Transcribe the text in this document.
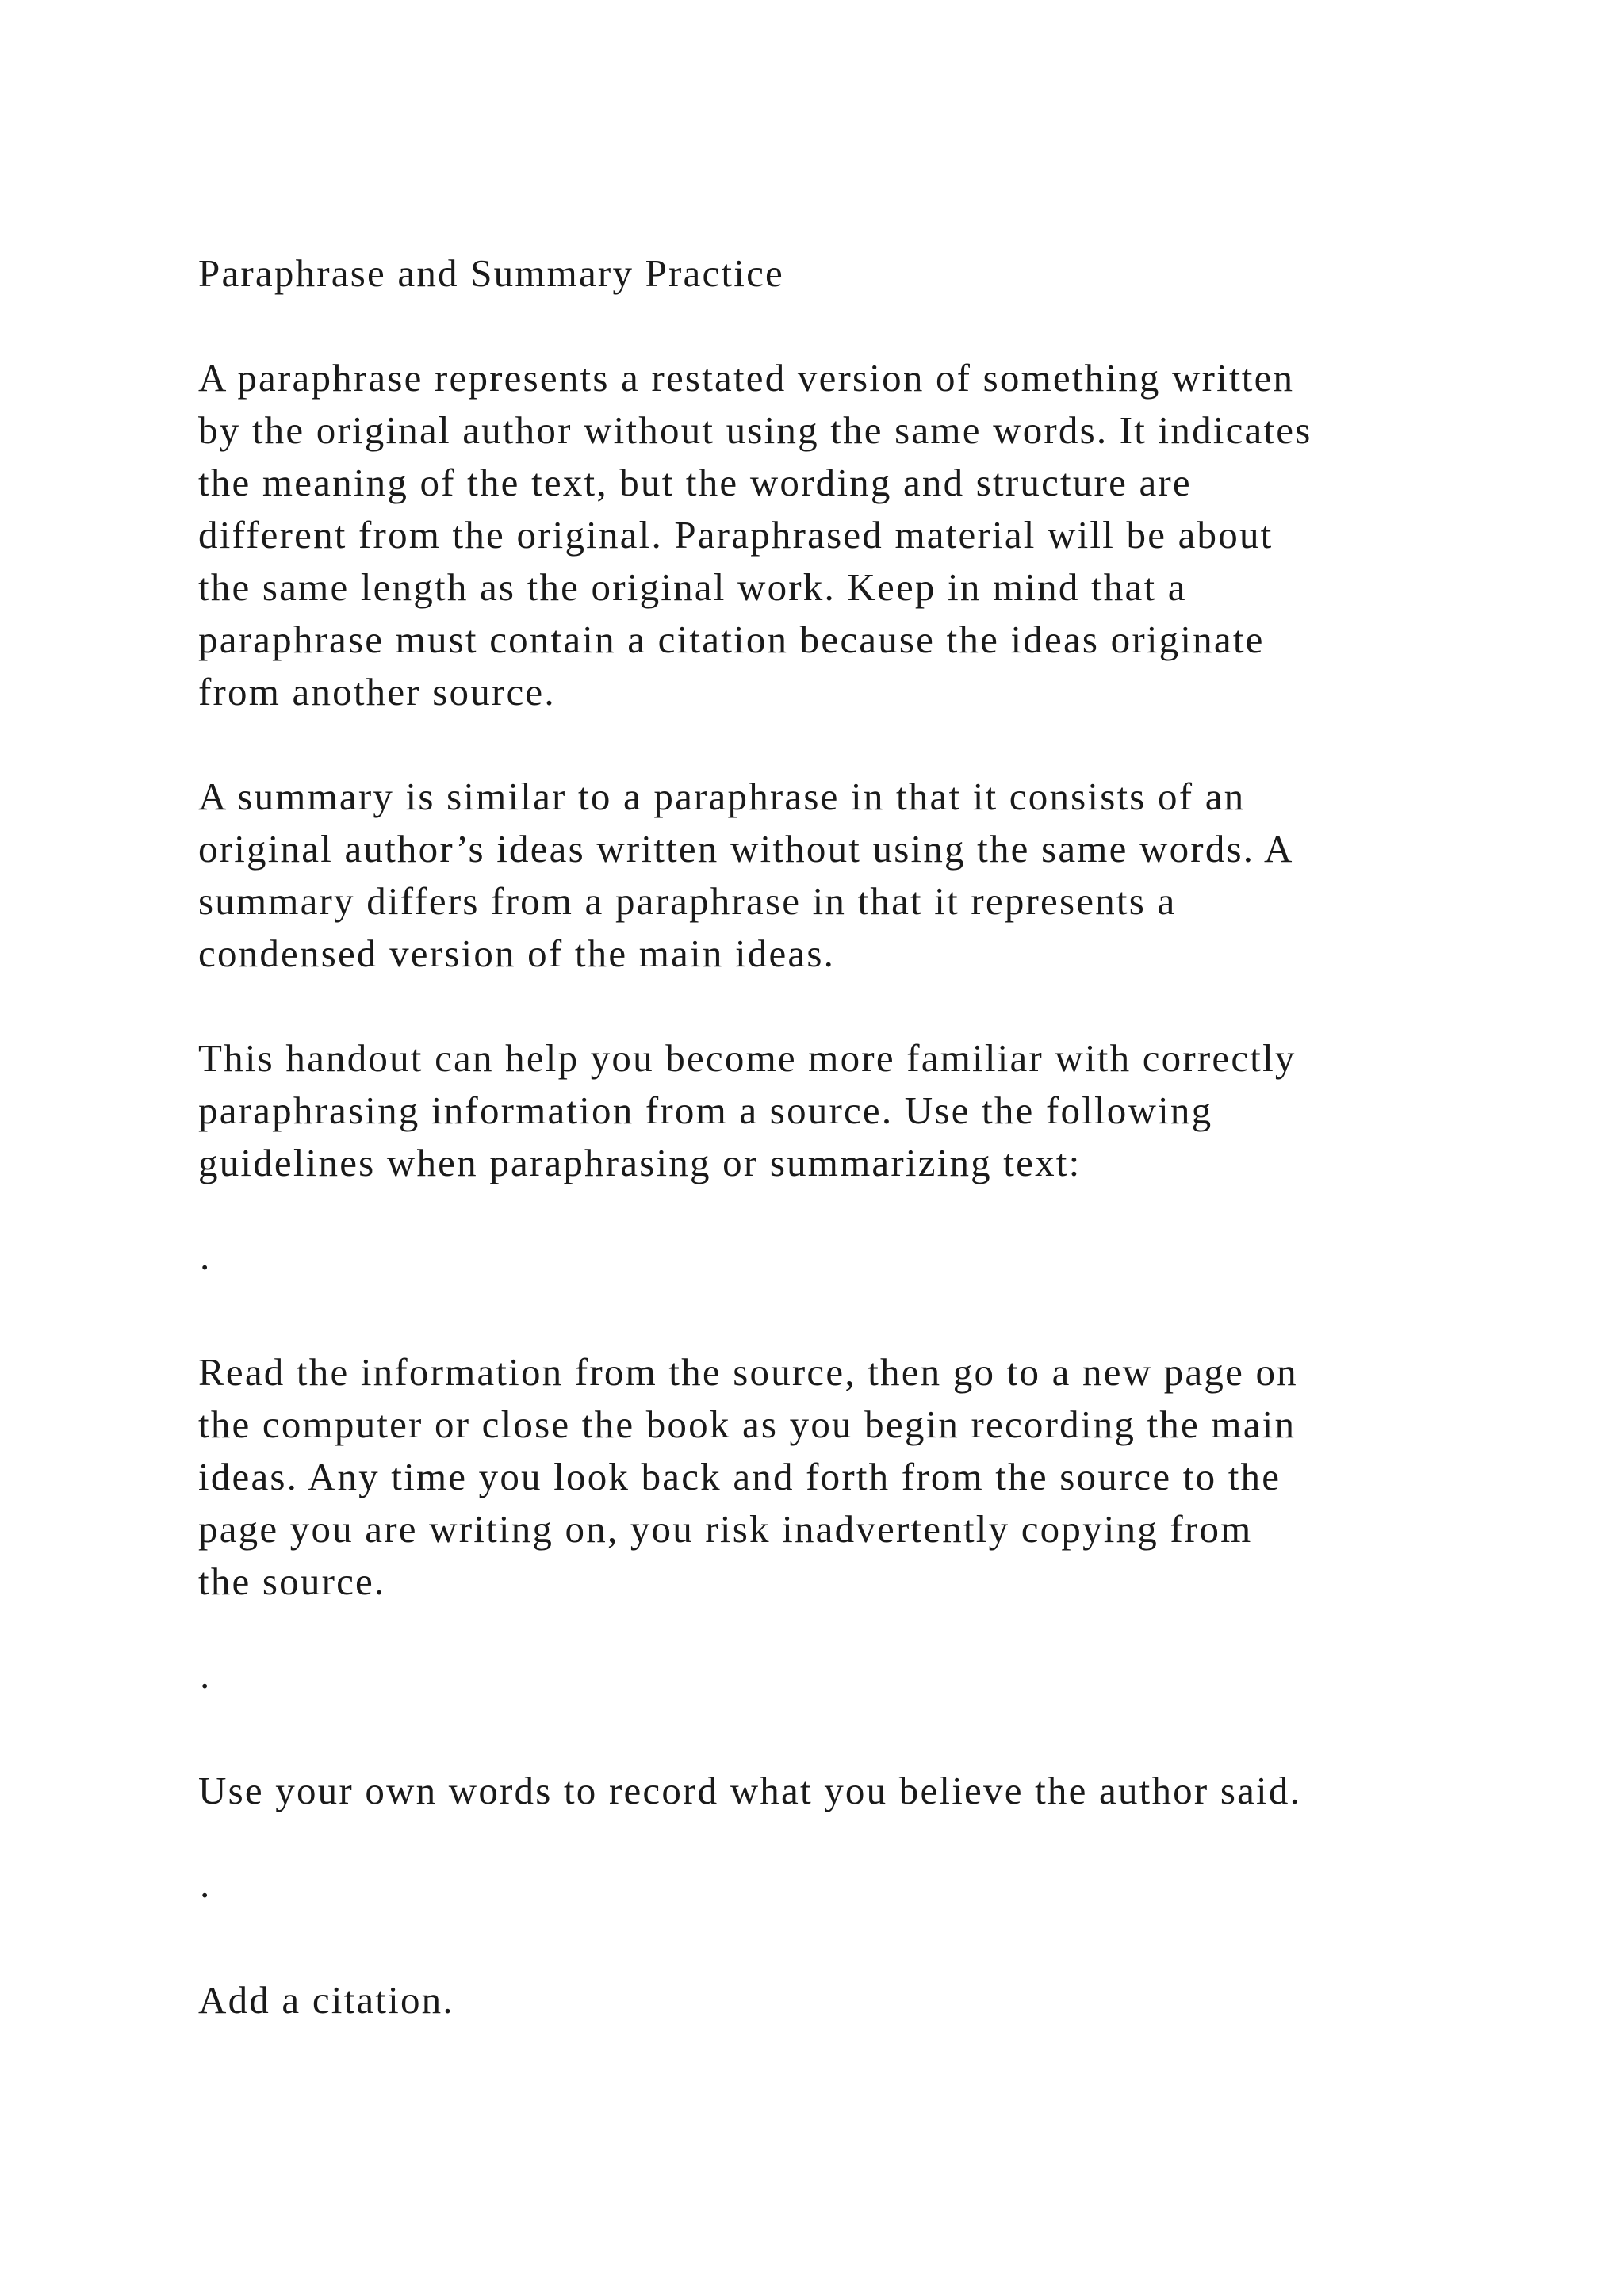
Paraphrase and Summary Practice
A paraphrase represents a restated version of something written
by the original author without using the same words. It indicates
the meaning of the text, but the wording and structure are
different from the original. Paraphrased material will be about
the same length as the original work. Keep in mind that a
paraphrase must contain a citation because the ideas originate
from another source.
A summary is similar to a paraphrase in that it consists of an
original author’s ideas written without using the same words. A
summary differs from a paraphrase in that it represents a
condensed version of the main ideas.
This handout can help you become more familiar with correctly
paraphrasing information from a source. Use the following
guidelines when paraphrasing or summarizing text:
·
Read the information from the source, then go to a new page on
the computer or close the book as you begin recording the main
ideas. Any time you look back and forth from the source to the
page you are writing on, you risk inadvertently copying from
the source.
·
Use your own words to record what you believe the author said.
·
Add a citation.
